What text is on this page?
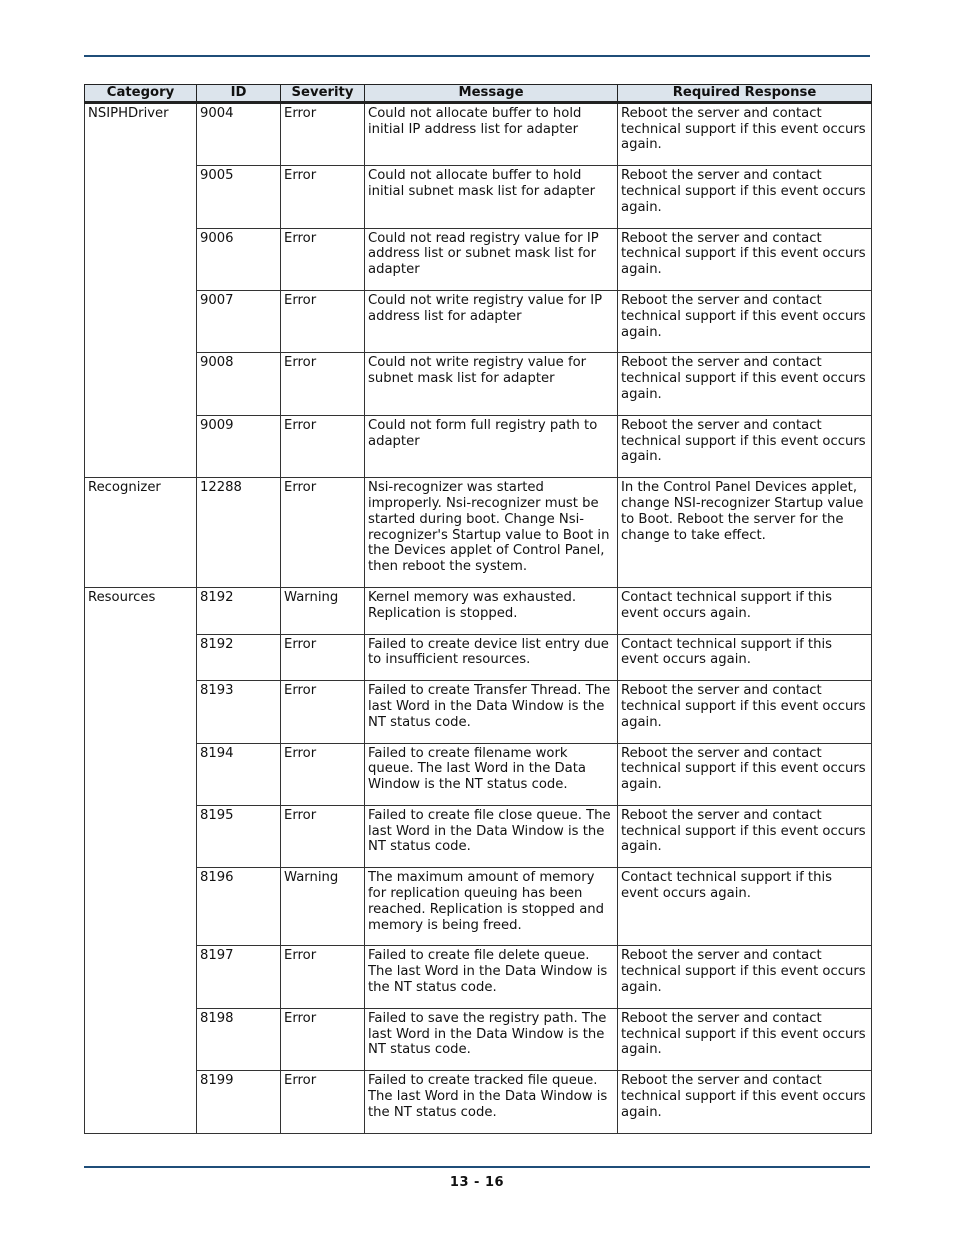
Category	ID	Severity	Message	Required Response
NSIPHDriver	9004	Error	Could not allocate buffer to hold initial IP address list for adapter	Reboot the server and contact technical support if this event occurs again.
	9005	Error	Could not allocate buffer to hold initial subnet mask list for adapter	Reboot the server and contact technical support if this event occurs again.
	9006	Error	Could not read registry value for IP address list or subnet mask list for adapter	Reboot the server and contact technical support if this event occurs again.
	9007	Error	Could not write registry value for IP address list for adapter	Reboot the server and contact technical support if this event occurs again.
	9008	Error	Could not write registry value for subnet mask list for adapter	Reboot the server and contact technical support if this event occurs again.
	9009	Error	Could not form full registry path to adapter	Reboot the server and contact technical support if this event occurs again.
Recognizer	12288	Error	Nsi-recognizer was started improperly. Nsi-recognizer must be started during boot. Change Nsi-recognizer's Startup value to Boot in the Devices applet of Control Panel, then reboot the system.	In the Control Panel Devices applet, change NSI-recognizer Startup value to Boot. Reboot the server for the change to take effect.
Resources	8192	Warning	Kernel memory was exhausted. Replication is stopped.	Contact technical support if this event occurs again.
	8192	Error	Failed to create device list entry due to insufficient resources.	Contact technical support if this event occurs again.
	8193	Error	Failed to create Transfer Thread. The last Word in the Data Window is the NT status code.	Reboot the server and contact technical support if this event occurs again.
	8194	Error	Failed to create filename work queue. The last Word in the Data Window is the NT status code.	Reboot the server and contact technical support if this event occurs again.
	8195	Error	Failed to create file close queue. The last Word in the Data Window is the NT status code.	Reboot the server and contact technical support if this event occurs again.
	8196	Warning	The maximum amount of memory for replication queuing has been reached. Replication is stopped and memory is being freed.	Contact technical support if this event occurs again.
	8197	Error	Failed to create file delete queue. The last Word in the Data Window is the NT status code.	Reboot the server and contact technical support if this event occurs again.
	8198	Error	Failed to save the registry path. The last Word in the Data Window is the NT status code.	Reboot the server and contact technical support if this event occurs again.
	8199	Error	Failed to create tracked file queue. The last Word in the Data Window is the NT status code.	Reboot the server and contact technical support if this event occurs again.
13 - 16
